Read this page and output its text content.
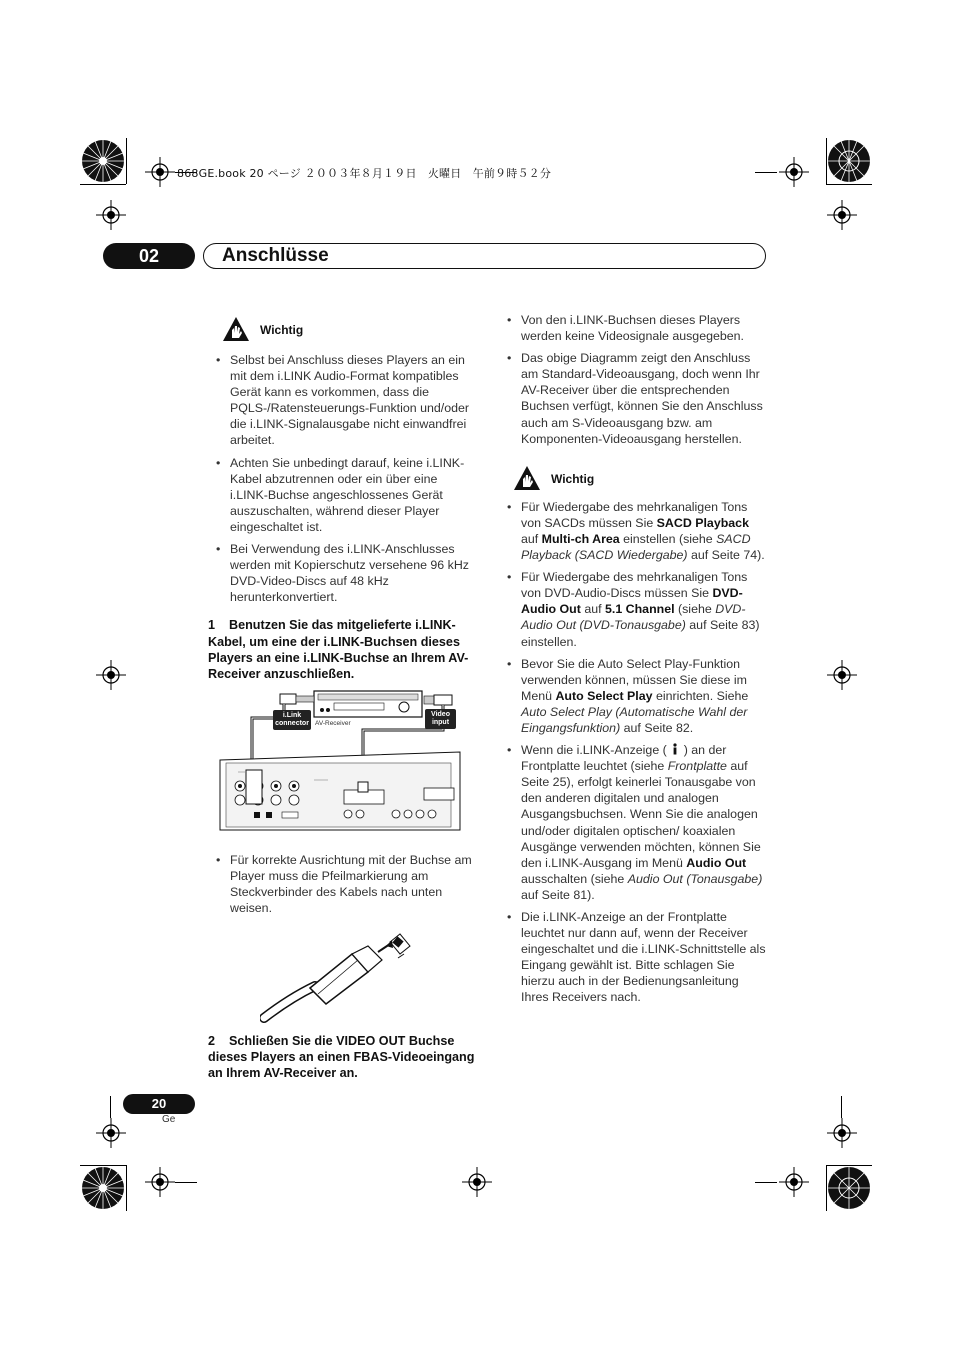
868GE.book 20 ページ ２００３年８月１９日　火曜日　午前９時５２分
02	Anschlüsse
Wichtig
• Selbst bei Anschluss dieses Players an ein mit dem i.LINK Audio-Format kompatibles Gerät kann es vorkommen, dass die PQLS-/Ratensteuerungs-Funktion und/oder die i.LINK-Signalausgabe nicht einwandfrei arbeitet.
• Achten Sie unbedingt darauf, keine i.LINK-Kabel abzutrennen oder ein über eine i.LINK-Buchse angeschlossenes Gerät auszuschalten, während dieser Player eingeschaltet ist.
• Bei Verwendung des i.LINK-Anschlusses werden mit Kopierschutz versehene 96 kHz DVD-Video-Discs auf 48 kHz herunterkonvertiert.
1 Benutzen Sie das mitgelieferte i.LINK-Kabel, um eine der i.LINK-Buchsen dieses Players an eine i.LINK-Buchse an Ihrem AV-Receiver anzuschließen.
i.Link
connector AV-Receiver
Video
input
• Für korrekte Ausrichtung mit der Buchse am Player muss die Pfeilmarkierung am Steckverbinder des Kabels nach unten weisen.
2 Schließen Sie die VIDEO OUT Buchse dieses Players an einen FBAS-Videoeingang an Ihrem AV-Receiver an.
• Von den i.LINK-Buchsen dieses Players werden keine Videosignale ausgegeben.
• Das obige Diagramm zeigt den Anschluss am Standard-Videoausgang, doch wenn Ihr AV-Receiver über die entsprechenden Buchsen verfügt, können Sie den Anschluss auch am S-Videoausgang bzw. am Komponenten-Videoausgang herstellen.
Wichtig
• Für Wiedergabe des mehrkanaligen Tons von SACDs müssen Sie SACD Playback auf Multi-ch Area einstellen (siehe SACD Playback (SACD Wiedergabe) auf Seite 74).
• Für Wiedergabe des mehrkanaligen Tons von DVD-Audio-Discs müssen Sie DVD-Audio Out auf 5.1 Channel (siehe DVD-Audio Out (DVD-Tonausgabe) auf Seite 83) einstellen.
• Bevor Sie die Auto Select Play-Funktion verwenden können, müssen Sie diese im Menü Auto Select Play einrichten. Siehe Auto Select Play (Automatische Wahl der Eingangsfunktion) auf Seite 82.
• Wenn die i.LINK-Anzeige ( ) an der Frontplatte leuchtet (siehe Frontplatte auf Seite 25), erfolgt keinerlei Tonausgabe von den anderen digitalen und analogen Ausgangsbuchsen. Wenn Sie die analogen und/oder digitalen optischen/ koaxialen Ausgänge verwenden möchten, können Sie den i.LINK-Ausgang im Menü Audio Out ausschalten (siehe Audio Out (Tonausgabe) auf Seite 81).
• Die i.LINK-Anzeige an der Frontplatte leuchtet nur dann auf, wenn der Receiver eingeschaltet und die i.LINK-Schnittstelle als Eingang gewählt ist. Bitte schlagen Sie hierzu auch in der Bedienungsanleitung Ihres Receivers nach.
20
Ge
